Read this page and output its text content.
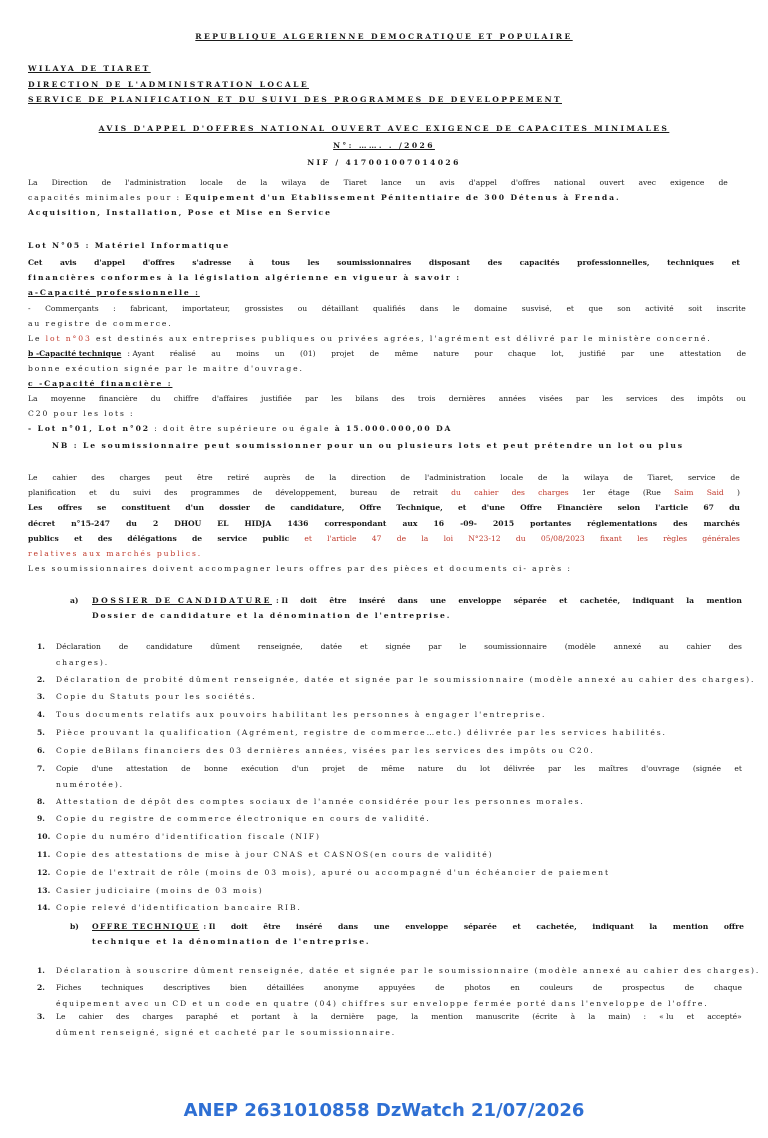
REPUBLIQUE ALGERIENNE DEMOCRATIQUE ET POPULAIRE
WILAYA DE TIARET
DIRECTION DE L'ADMINISTRATION LOCALE
SERVICE DE PLANIFICATION ET DU SUIVI DES PROGRAMMES DE DEVELOPPEMENT
AVIS D'APPEL D'OFFRES NATIONAL OUVERT AVEC EXIGENCE DE CAPACITES MINIMALES
N°: ……. . /2026
NIF / 417001007014026
La Direction de l'administration locale de la wilaya de Tiaret lance un avis d'appel d'offres national ouvert avec exigence de
capacités minimales pour : Equipement d'un Etablissement Pénitentiaire de 300 Détenus à Frenda.
Acquisition, Installation, Pose et Mise en Service
Lot N°05 : Matériel Informatique
Cet avis d'appel d'offres s'adresse à tous les soumissionnaires disposant des capacités professionnelles, techniques et
financières conformes à la législation algérienne en vigueur à savoir :
a-Capacité professionnelle :
- Commerçants : fabricant, importateur, grossistes ou détaillant qualifiés dans le domaine susvisé, et que son activité soit inscrite
au registre de commerce.
Le lot n°03 est destinés aux entreprises publiques ou privées agrées, l'agrément est délivré par le ministère concerné.
b -Capacité technique : Ayant réalisé au moins un (01) projet de même nature pour chaque lot, justifié par une attestation de
bonne exécution signée par le maitre d'ouvrage.
c -Capacité financière :
La moyenne financière du chiffre d'affaires justifiée par les bilans des trois dernières années visées par les services des impôts ou
C20 pour les lots :
- Lot n°01, Lot n°02 : doit être supérieure ou égale à 15.000.000,00 DA
NB : Le soumissionnaire peut soumissionner pour un ou plusieurs lots et peut prétendre un lot ou plus
Le cahier des charges peut être retiré auprès de la direction de l'administration locale de la wilaya de Tiaret, service de
planification et du suivi des programmes de développement, bureau de retrait du cahier des charges 1er étage (Rue Saim Said )
Les offres se constituent d'un dossier de candidature, Offre Technique, et d'une Offre Financière selon l'article 67 du
décret n°15-247 du 2 DHOU EL HIDJA 1436 correspondant aux 16 -09- 2015 portantes réglementations des marchés
publics et des délégations de service public et l'article 47 de la loi N°23-12 du 05/08/2023 fixant les règles générales
relatives aux marchés publics.
Les soumissionnaires doivent accompagner leurs offres par des pièces et documents ci- après :
a) DOSSIER DE CANDIDATURE : Il doit être inséré dans une enveloppe séparée et cachetée, indiquant la mention
Dossier de candidature et la dénomination de l'entreprise.
1. Déclaration de candidature dûment renseignée, datée et signée par le soumissionnaire (modèle annexé au cahier des
charges).
2. Déclaration de probité dûment renseignée, datée et signée par le soumissionnaire (modèle annexé au cahier des charges).
3. Copie du Statuts pour les sociétés.
4. Tous documents relatifs aux pouvoirs habilitant les personnes à engager l'entreprise.
5. Pièce prouvant la qualification (Agrément, registre de commerce…etc.) délivrée par les services habilités.
6. Copie deBilans financiers des 03 dernières années, visées par les services des impôts ou C20.
7. Copie d'une attestation de bonne exécution d'un projet de même nature du lot délivrée par les maîtres d'ouvrage (signée et
numérotée).
8. Attestation de dépôt des comptes sociaux de l'année considérée pour les personnes morales.
9. Copie du registre de commerce électronique en cours de validité.
10. Copie du numéro d'identification fiscale (NIF)
11. Copie des attestations de mise à jour CNAS et CASNOS(en cours de validité)
12. Copie de l'extrait de rôle (moins de 03 mois), apuré ou accompagné d'un échéancier de paiement
13. Casier judiciaire (moins de 03 mois)
14. Copie relevé d'identification bancaire RIB.
b) OFFRE TECHNIQUE : Il doit être inséré dans une enveloppe séparée et cachetée, indiquant la mention offre
technique et la dénomination de l'entreprise.
1. Déclaration à souscrire dûment renseignée, datée et signée par le soumissionnaire (modèle annexé au cahier des charges).
2. Fiches	techniques	descriptives	bien	détaillées	anonyme	appuyées	de	photos	en	couleurs	de	prospectus	de	chaque
équipement avec un CD et un code en quatre (04) chiffres sur enveloppe fermée porté dans l'enveloppe de l'offre.
3. Le cahier des charges paraphé et portant à la dernière page, la mention manuscrite (écrite à la main) : « lu et accepté»
dûment renseigné, signé et cacheté par le soumissionnaire.
ANEP 2631010858 DzWatch 21/07/2026
